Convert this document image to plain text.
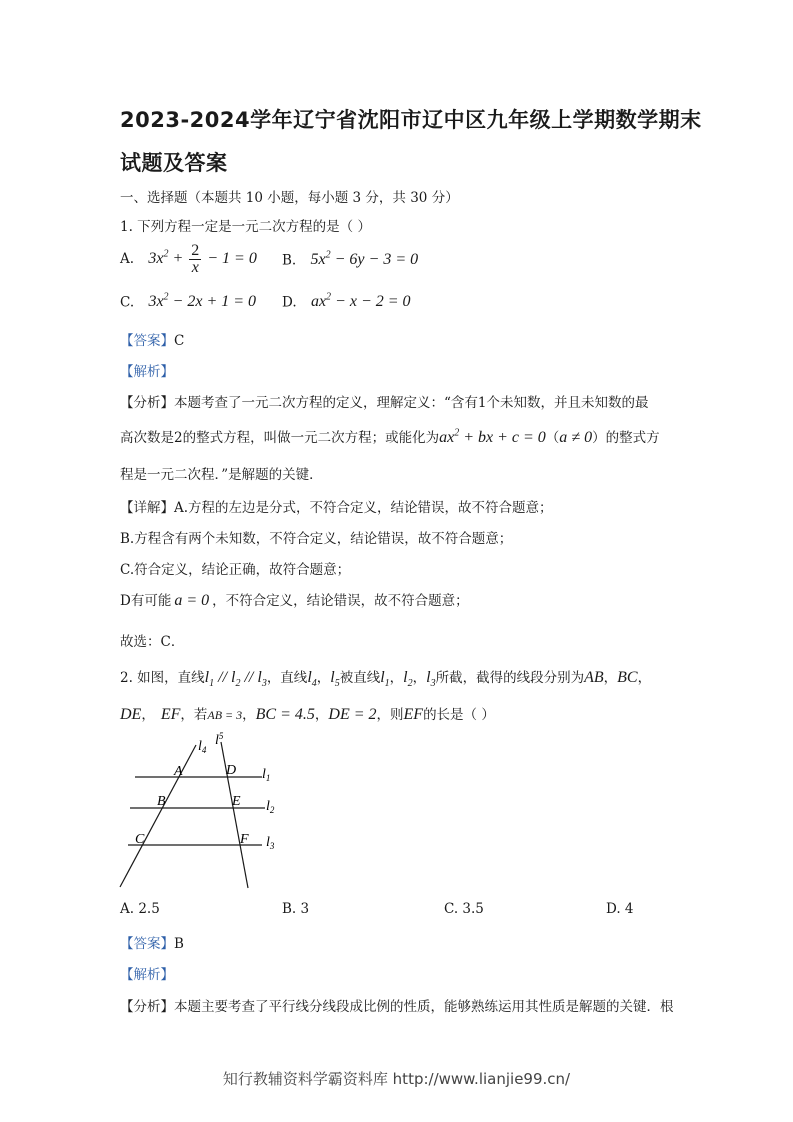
2023-2024学年辽宁省沈阳市辽中区九年级上学期数学期末
试题及答案
一、选择题（本题共 10 小题，每小题 3 分，共 30 分）
1. 下列方程一定是一元二次方程的是（ ）
A. $3x^2 + \frac{2}{x} - 1 = 0$ B. $5x^2 - 6y - 3 = 0$
C. $3x^2 - 2x + 1 = 0$ D. $ax^2 - x - 2 = 0$
【答案】C
【解析】
【分析】本题考查了一元二次方程的定义，理解定义：“含有1个未知数，并且未知数的最
高次数是2的整式方程，叫做一元二次方程；或能化为$ax^2$ + bx + c = 0（a ≠ 0）的整式方
程是一元二次程．”是解题的关键．
【详解】A.方程的左边是分式，不符合定义，结论错误，故不符合题意；
B.方程含有两个未知数，不符合定义，结论错误，故不符合题意；
C.符合定义，结论正确，故符合题意；
D有可能 a = 0 ，不符合定义，结论错误，故不符合题意；
故选：C．
2. 如图，直线$l_1 // l_2 // l_3$，直线$l_4$，$l_5$被直线$l_1$，$l_2$，$l_3$所截，截得的线段分别为AB，BC，
DE， EF，若AB = 3，BC = 4.5，DE = 2，则EF的长是（ ）
$l_4$
$l^5$
$l_1$
$l_2$
$l_3$
A	D
B	E
C	F
A. 2.5	B. 3	C. 3.5	D. 4
【答案】B
【解析】
【分析】本题主要考查了平行线分线段成比例的性质，能够熟练运用其性质是解题的关键．根
知行教辅资料学霸资料库 http://www.lianjie99.cn/
